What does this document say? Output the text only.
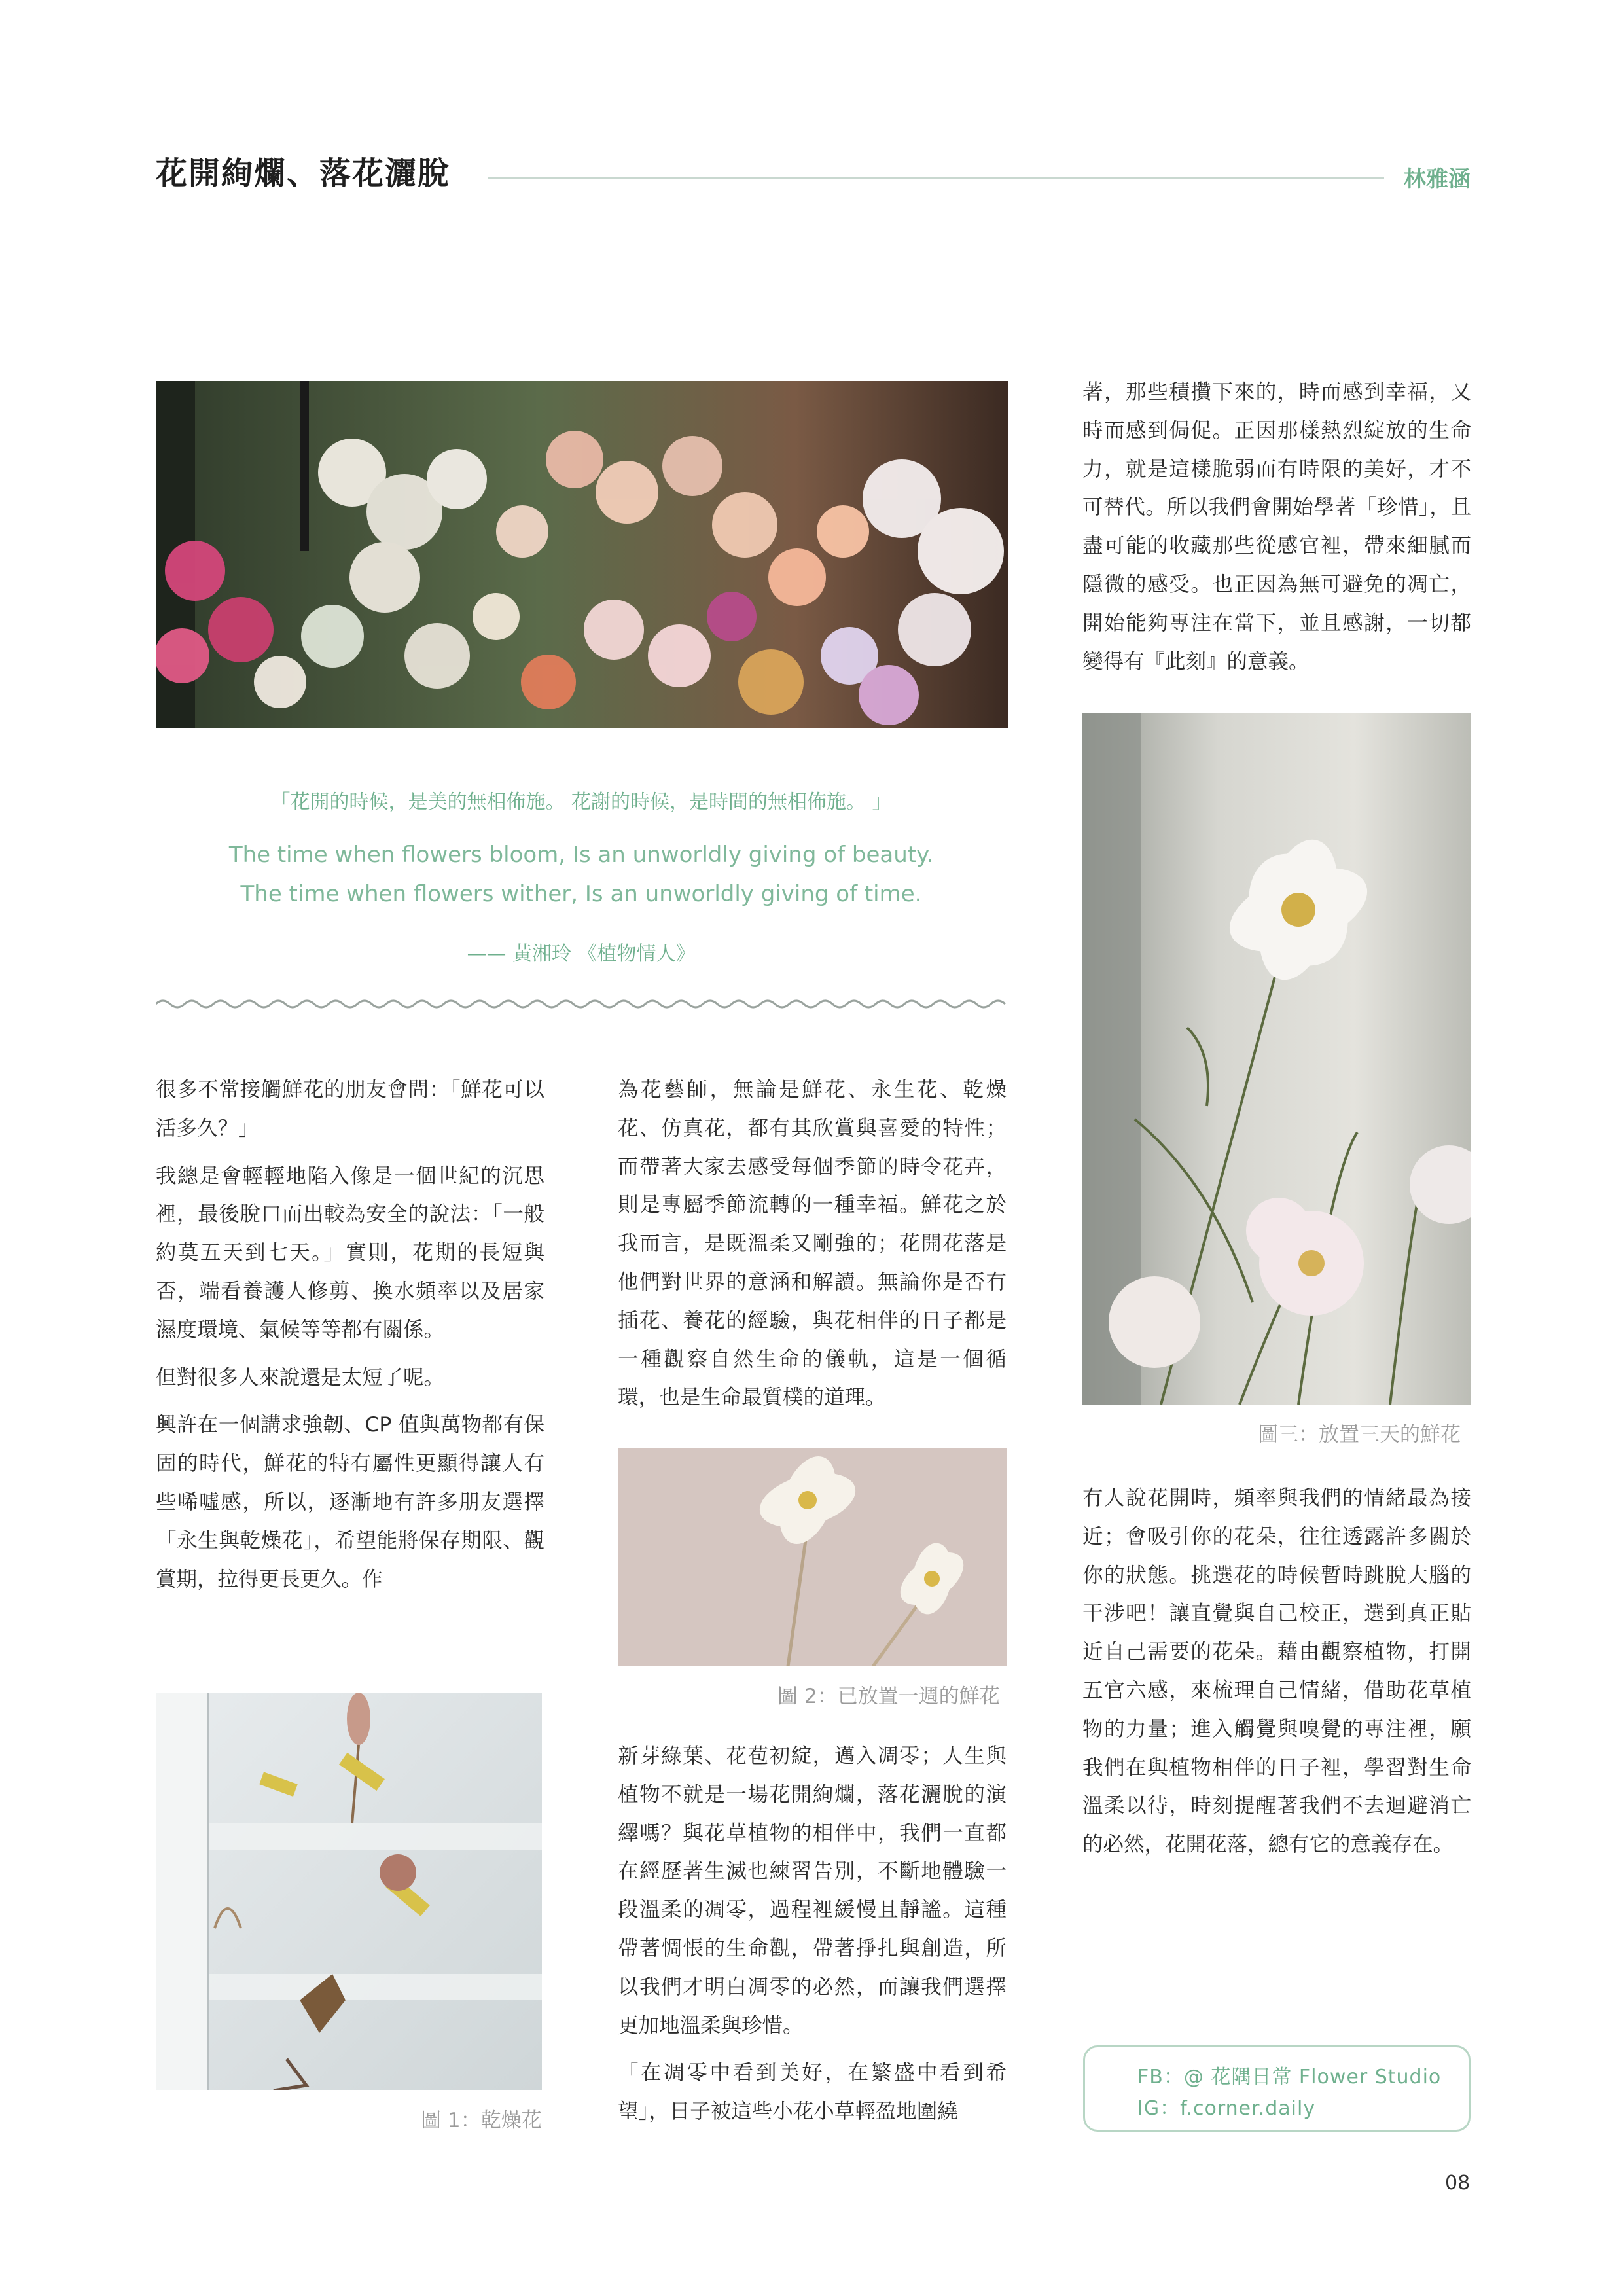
花開絢爛、落花灑脫	林雅涵
「花開的時候，是美的無相佈施。 花謝的時候，是時間的無相佈施。 」
The time when flowers bloom, Is an unworldly giving of beauty.
The time when flowers wither, Is an unworldly giving of time.
—— 黃湘玲 《植物情人》

很多不常接觸鮮花的朋友會問：「鮮花可以活多久？」

我總是會輕輕地陷入像是一個世紀的沉思裡，最後脫口而出較為安全的說法：「一般約莫五天到七天。」實則，花期的長短與否，端看養護人修剪、換水頻率以及居家濕度環境、氣候等等都有關係。

但對很多人來說還是太短了呢。

興許在一個講求強韌、CP 值與萬物都有保固的時代，鮮花的特有屬性更顯得讓人有些唏噓感，所以，逐漸地有許多朋友選擇「永生與乾燥花」，希望能將保存期限、觀賞期，拉得更長更久。作

圖 1：乾燥花

為花藝師，無論是鮮花、永生花、乾燥花、仿真花，都有其欣賞與喜愛的特性；而帶著大家去感受每個季節的時令花卉，則是專屬季節流轉的一種幸福。鮮花之於我而言，是既溫柔又剛強的；花開花落是他們對世界的意涵和解讀。無論你是否有插花、養花的經驗，與花相伴的日子都是一種觀察自然生命的儀軌，這是一個循環，也是生命最質樸的道理。

圖 2：已放置一週的鮮花

新芽綠葉、花苞初綻，邁入凋零；人生與植物不就是一場花開絢爛，落花灑脫的演繹嗎？與花草植物的相伴中，我們一直都在經歷著生滅也練習告別，不斷地體驗一段溫柔的凋零，過程裡緩慢且靜謐。這種帶著惆悵的生命觀，帶著掙扎與創造，所以我們才明白凋零的必然，而讓我們選擇更加地溫柔與珍惜。

「在凋零中看到美好，在繁盛中看到希望」，日子被這些小花小草輕盈地圍繞

著，那些積攢下來的，時而感到幸福，又時而感到侷促。正因那樣熱烈綻放的生命力，就是這樣脆弱而有時限的美好，才不可替代。所以我們會開始學著「珍惜」，且盡可能的收藏那些從感官裡，帶來細膩而隱微的感受。也正因為無可避免的凋亡，開始能夠專注在當下，並且感謝，一切都變得有『此刻』的意義。

圖三：放置三天的鮮花

有人說花開時，頻率與我們的情緒最為接近；會吸引你的花朵，往往透露許多關於你的狀態。挑選花的時候暫時跳脫大腦的干涉吧！讓直覺與自己校正，選到真正貼近自己需要的花朵。藉由觀察植物，打開五官六感，來梳理自己情緒，借助花草植物的力量；進入觸覺與嗅覺的專注裡，願我們在與植物相伴的日子裡，學習對生命溫柔以待，時刻提醒著我們不去迴避消亡的必然，花開花落，總有它的意義存在。

FB：@ 花隅日常 Flower Studio
IG：f.corner.daily
08
